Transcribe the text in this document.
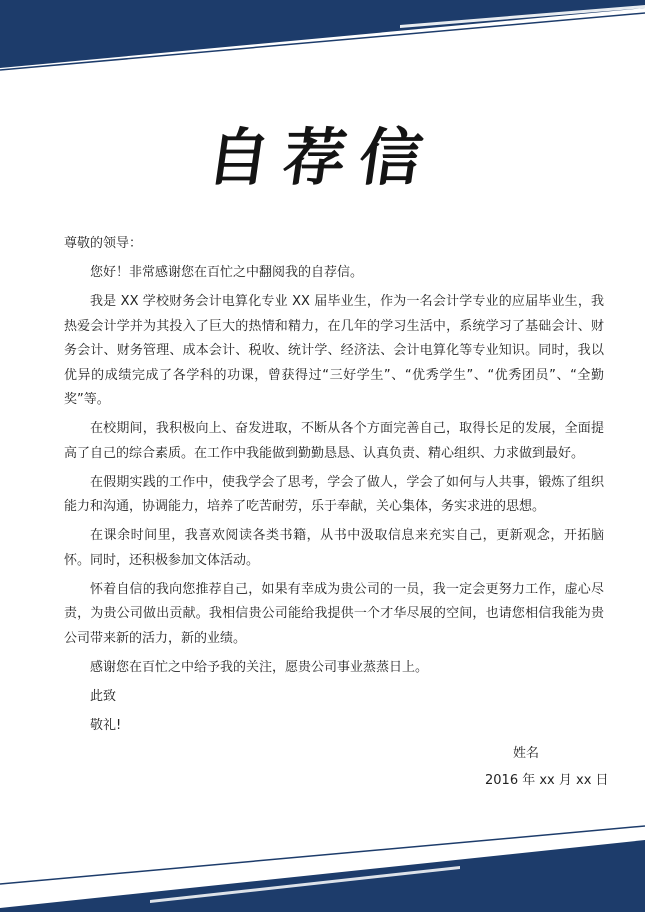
自荐信

尊敬的领导：

您好！非常感谢您在百忙之中翻阅我的自荐信。

我是 XX 学校财务会计电算化专业 XX 届毕业生，作为一名会计学专业的应届毕业生，我热爱会计学并为其投入了巨大的热情和精力，在几年的学习生活中，系统学习了基础会计、财务会计、财务管理、成本会计、税收、统计学、经济法、会计电算化等专业知识。同时，我以优异的成绩完成了各学科的功课，曾获得过“三好学生”、“优秀学生”、“优秀团员”、“全勤奖”等。

在校期间，我积极向上、奋发进取，不断从各个方面完善自己，取得长足的发展，全面提高了自己的综合素质。在工作中我能做到勤勤恳恳、认真负责、精心组织、力求做到最好。

在假期实践的工作中，使我学会了思考，学会了做人，学会了如何与人共事，锻炼了组织能力和沟通，协调能力，培养了吃苦耐劳，乐于奉献，关心集体，务实求进的思想。

在课余时间里，我喜欢阅读各类书籍，从书中汲取信息来充实自己，更新观念，开拓脑怀。同时，还积极参加文体活动。

怀着自信的我向您推荐自己，如果有幸成为贵公司的一员，我一定会更努力工作，虚心尽责，为贵公司做出贡献。我相信贵公司能给我提供一个才华尽展的空间，也请您相信我能为贵公司带来新的活力，新的业绩。

感谢您在百忙之中给予我的关注，愿贵公司事业蒸蒸日上。

此致

敬礼!

姓名
2016 年 xx 月 xx 日
